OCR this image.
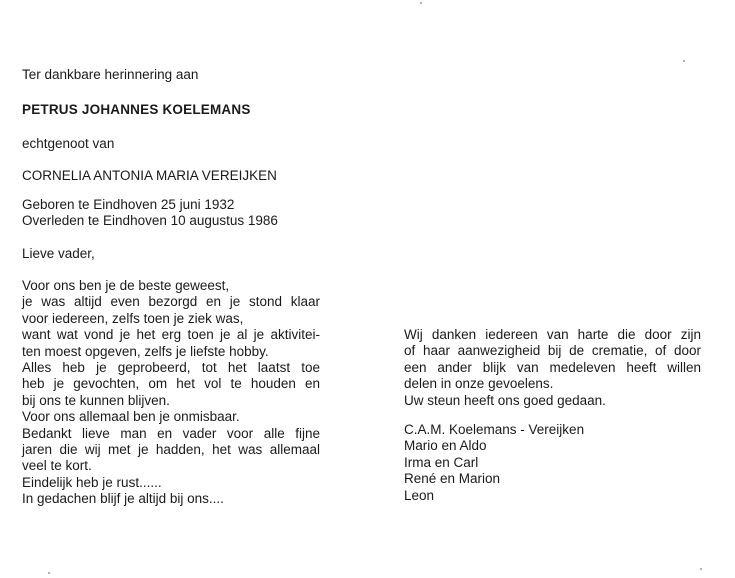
Ter dankbare herinnering aan
PETRUS JOHANNES KOELEMANS
echtgenoot van
CORNELIA ANTONIA MARIA VEREIJKEN
Geboren te Eindhoven 25 juni 1932
Overleden te Eindhoven 10 augustus 1986
Lieve vader,
Voor ons ben je de beste geweest,
je was altijd even bezorgd en je stond klaar
voor iedereen, zelfs toen je ziek was,
want wat vond je het erg toen je al je aktivitei-
ten moest opgeven, zelfs je liefste hobby.
Alles heb je geprobeerd, tot het laatst toe
heb je gevochten, om het vol te houden en
bij ons te kunnen blijven.
Voor ons allemaal ben je onmisbaar.
Bedankt lieve man en vader voor alle fijne
jaren die wij met je hadden, het was allemaal
veel te kort.
Eindelijk heb je rust......
In gedachen blijf je altijd bij ons....
Wij danken iedereen van harte die door zijn
of haar aanwezigheid bij de crematie, of door
een ander blijk van medeleven heeft willen
delen in onze gevoelens.
Uw steun heeft ons goed gedaan.
C.A.M. Koelemans - Vereijken
Mario en Aldo
Irma en Carl
René en Marion
Leon
